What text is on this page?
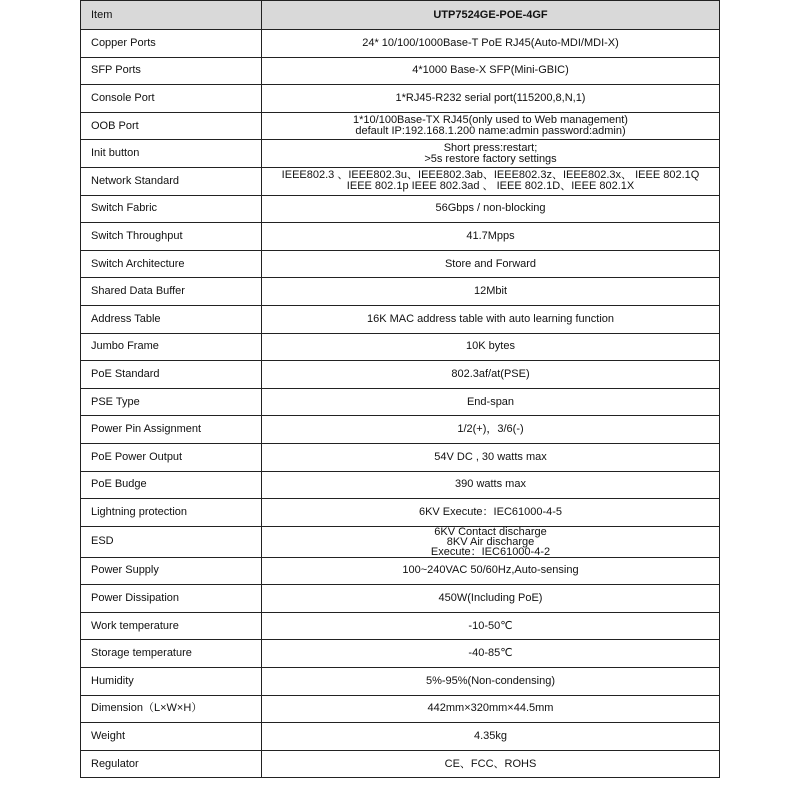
Item	UTP7524GE-POE-4GF
Copper Ports	24* 10/100/1000Base-T PoE RJ45(Auto-MDI/MDI-X)

SFP Ports	4*1000 Base-X SFP(Mini-GBIC)

Console Port	1*RJ45-R232 serial port(115200,8,N,1)

OOB Port	1*10/100Base-TX RJ45(only used to Web management)
default IP:192.168.1.200 name:admin password:admin)

Init button	Short press:restart;
>5s restore factory settings

Network Standard	IEEE802.3 、IEEE802.3u、IEEE802.3ab、IEEE802.3z、IEEE802.3x、 IEEE 802.1Q
IEEE 802.1p IEEE 802.3ad 、 IEEE 802.1D、IEEE 802.1X

Switch Fabric	56Gbps / non-blocking

Switch Throughput	41.7Mpps

Switch Architecture	Store and Forward

Shared Data Buffer	12Mbit

Address Table	16K MAC address table with auto learning function

Jumbo Frame	10K bytes

PoE Standard	802.3af/at(PSE)

PSE Type	End-span

Power Pin Assignment	1/2(+)，3/6(-)

PoE Power Output	54V DC , 30 watts max

PoE Budge	390 watts max

Lightning protection	6KV Execute：IEC61000-4-5

ESD	6KV Contact discharge
8KV Air discharge
Execute：IEC61000-4-2

Power Supply	100~240VAC 50/60Hz,Auto-sensing

Power Dissipation	450W(Including PoE)

Work temperature	-10-50℃

Storage temperature	-40-85℃

Humidity	5%-95%(Non-condensing)

Dimension（L×W×H）	442mm×320mm×44.5mm

Weight	4.35kg

Regulator	CE、FCC、ROHS
